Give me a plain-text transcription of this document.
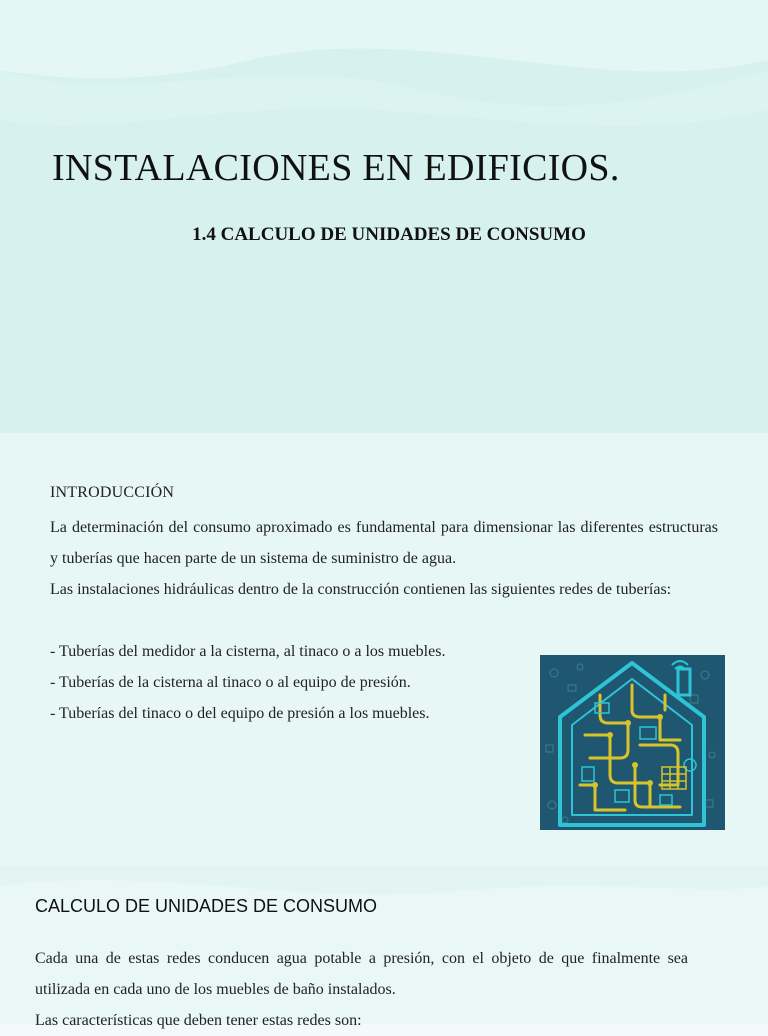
INSTALACIONES EN EDIFICIOS.
1.4 CALCULO DE UNIDADES DE CONSUMO
INTRODUCCIÓN

La determinación del consumo aproximado es fundamental para dimensionar las diferentes estructuras y tuberías que hacen parte de un sistema de suministro de agua.

Las instalaciones hidráulicas dentro de la construcción contienen las siguientes redes de tuberías:

- Tuberías del medidor a la cisterna, al tinaco o a los muebles.
- Tuberías de la cisterna al tinaco o al equipo de presión.
- Tuberías del tinaco o del equipo de presión a los muebles.
CALCULO DE UNIDADES DE CONSUMO

Cada una de estas redes conducen agua potable a presión, con el objeto de que finalmente sea utilizada en cada uno de los muebles de baño instalados.

Las características que deben tener estas redes son:
